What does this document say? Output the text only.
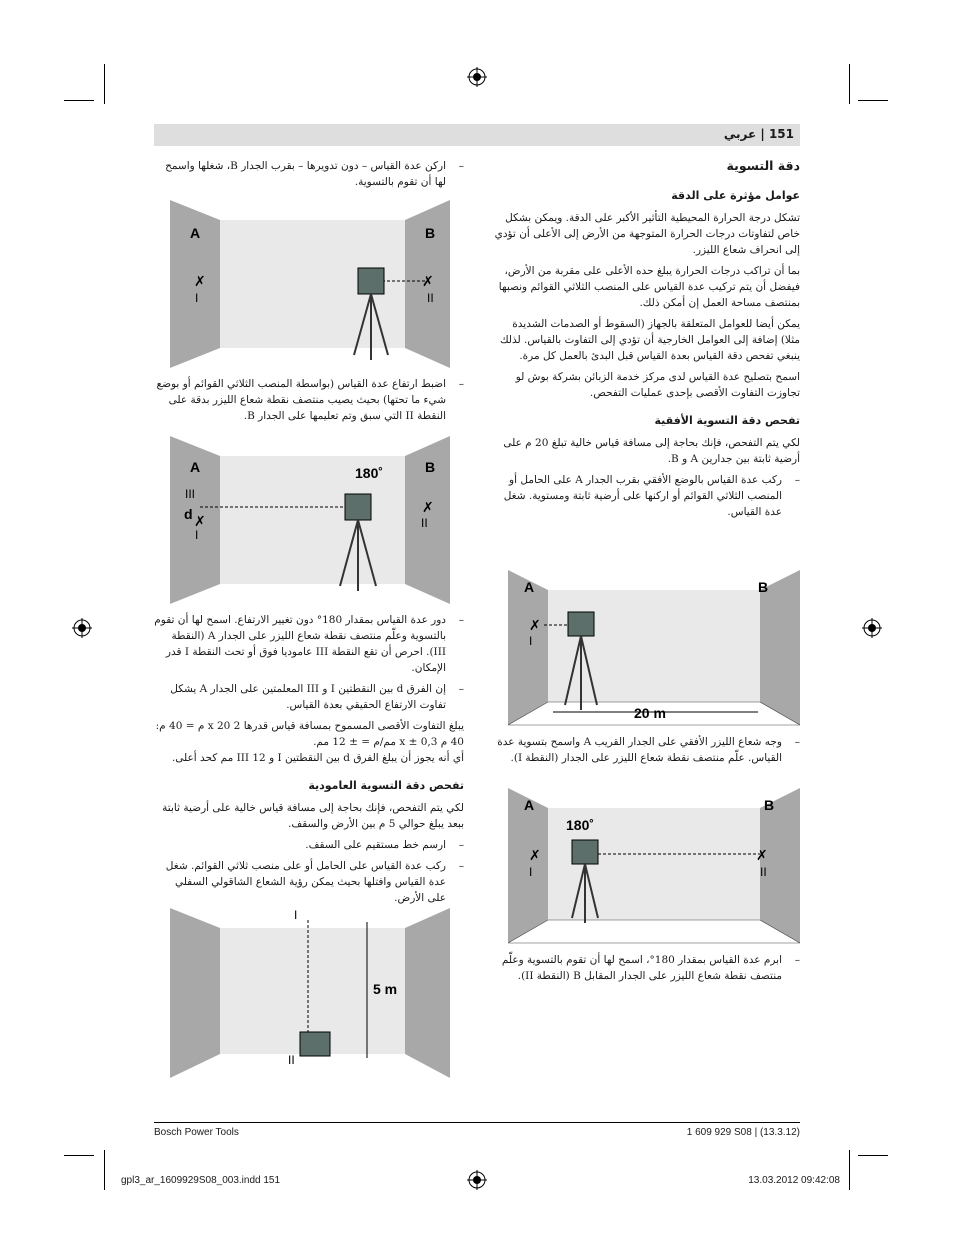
151 | عربي
دقة التسوية
عوامل مؤثرة على الدقة

تشكل درجة الحرارة المحيطية التأثير الأكبر على الدقة. ويمكن بشكل خاص لتفاوتات درجات الحرارة المتوجهة من الأرض إلى الأعلى أن تؤدي إلى انحراف شعاع الليزر.

بما أن تراكب درجات الحرارة يبلغ حده الأعلى على مقربة من الأرض، فيفضل أن يتم تركيب عدة القياس على المنصب الثلاثي القوائم ونصبها بمنتصف مساحة العمل إن أمكن ذلك.

يمكن أيضا للعوامل المتعلقة بالجهاز (السقوط أو الصدمات الشديدة مثلا) إضافة إلى العوامل الخارجية أن تؤدي إلى التفاوت بالقياس. لذلك ينبغي تفحص دقة القياس بعدة القياس قبل البدئ بالعمل كل مرة.

اسمح بتصليح عدة القياس لدى مركز خدمة الزبائن بشركة بوش لو تجاوزت التفاوت الأقصى بإحدى عمليات التفحص.

تفحص دقة التسوية الأفقية

لكي يتم التفحص، فإنك بحاجة إلى مسافة قياس خالية تبلغ 20 م على أرضية ثابتة بين جدارين A و B.

– ركب عدة القياس بالوضع الأفقي بقرب الجدار A على الحامل أو المنصب الثلاثي القوائم أو اركنها على أرضية ثابتة ومستوية. شغل عدة القياس.

– وجه شعاع الليزر الأفقي على الجدار القريب A واسمح بتسوية عدة القياس. علّم منتصف نقطة شعاع الليزر على الجدار (النقطة I).

– ابرم عدة القياس بمقدار 180°، اسمح لها أن تقوم بالتسوية وعلّم منتصف نقطة شعاع الليزر على الجدار المقابل B (النقطة II).

– اركن عدة القياس – دون تدويرها – بقرب الجدار B، شغلها واسمح لها أن تقوم بالتسوية.

– اضبط ارتفاع عدة القياس (بواسطة المنصب الثلاثي القوائم أو بوضع شيء ما تحتها) بحيث يصيب منتصف نقطة شعاع الليزر بدقة على النقطة II التي سبق وتم تعليمها على الجدار B.

– دور عدة القياس بمقدار 180° دون تغيير الارتفاع. اسمح لها أن تقوم بالتسوية وعلّم منتصف نقطة شعاع الليزر على الجدار A (النقطة III). احرص أن تقع النقطة III عاموديا فوق أو تحت النقطة I قدر الإمكان.

– إن الفرق d بين النقطتين I و III المعلمتين على الجدار A يشكل تفاوت الارتفاع الحقيقي بعدة القياس.

يبلغ التفاوت الأقصى المسموح بمسافة قياس قدرها 2 x 20 م = 40 م:

40 م x ± 0,3 مم/م = ± 12 مم.

أي أنه يجوز أن يبلغ الفرق d بين النقطتين I و III 12 مم كحد أعلى.

تفحص دقة التسوية العامودية

لكي يتم التفحص، فإنك بحاجة إلى مسافة قياس خالية على أرضية ثابتة ببعد يبلغ حوالي 5 م بين الأرض والسقف.

– ارسم خط مستقيم على السقف.

– ركب عدة القياس على الحامل أو على منصب ثلاثي القوائم. شغل عدة القياس وافتلها بحيث يمكن رؤية الشعاع الشاقولي السفلي على الأرض.

A	B
I
✗
20 m
A	B
180˚
✗
I
✗
II
A	B
✗
I
✗
II
A	B
180˚
III
d ✗
I
✗
II
I
5 m
II
Bosch Power Tools	1 609 929 S08 | (13.3.12)
gpl3_ar_1609929S08_003.indd 151	13.03.2012 09:42:08
